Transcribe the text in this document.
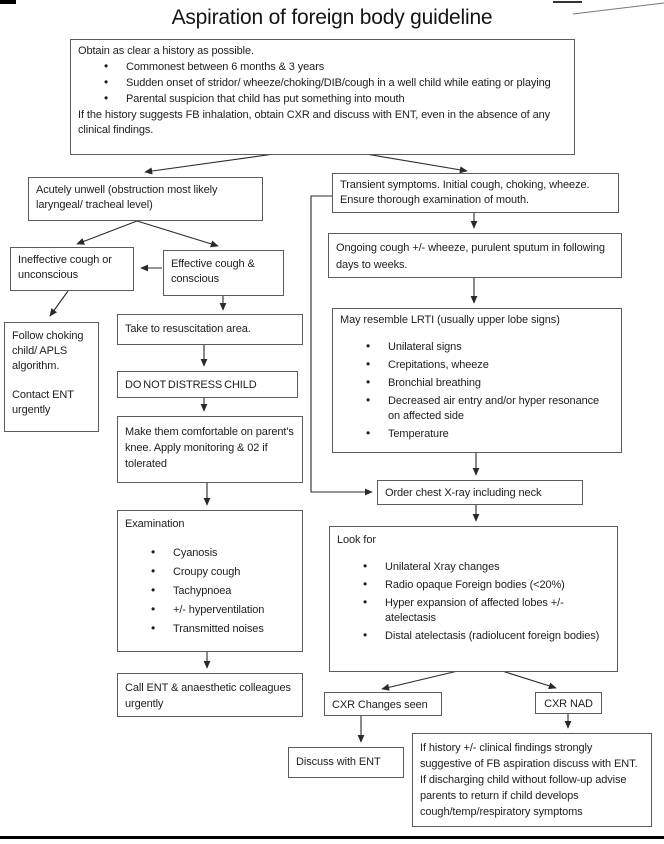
Aspiration of foreign body guideline

Obtain as clear a history as possible.

• Commonest between 6 months & 3 years
• Sudden onset of stridor/ wheeze/choking/DIB/cough in a well child while eating or playing
• Parental suspicion that child has put something into mouth

If the history suggests FB inhalation, obtain CXR and discuss with ENT, even in the absence of any clinical findings.

Acutely unwell (obstruction most likely laryngeal/ tracheal level)
Transient symptoms. Initial cough, choking, wheeze. Ensure thorough examination of mouth.
Ineffective cough or unconscious
Effective cough & conscious
Ongoing cough +/- wheeze, purulent sputum in following days to weeks.

Follow choking child/ APLS algorithm.

Contact ENT urgently

Take to resuscitation area.
DO NOT DISTRESS CHILD
Make them comfortable on parent's knee. Apply monitoring & 02 if tolerated

May resemble LRTI (usually upper lobe signs)

• Unilateral signs
• Crepitations, wheeze
• Bronchial breathing
• Decreased air entry and/or hyper resonance on affected side
• Temperature
Order chest X-ray including neck

Examination

• Cyanosis
• Croupy cough
• Tachypnoea
• +/- hyperventilation
• Transmitted noises

Look for

• Unilateral Xray changes
• Radio opaque Foreign bodies (<20%)
• Hyper expansion of affected lobes +/- atelectasis
• Distal atelectasis (radiolucent foreign bodies)
Call ENT & anaesthetic colleagues urgently	CXR Changes seen	CXR NAD
Discuss with ENT
If history +/- clinical findings strongly suggestive of FB aspiration discuss with ENT. If discharging child without follow-up advise parents to return if child develops cough/temp/respiratory symptoms
